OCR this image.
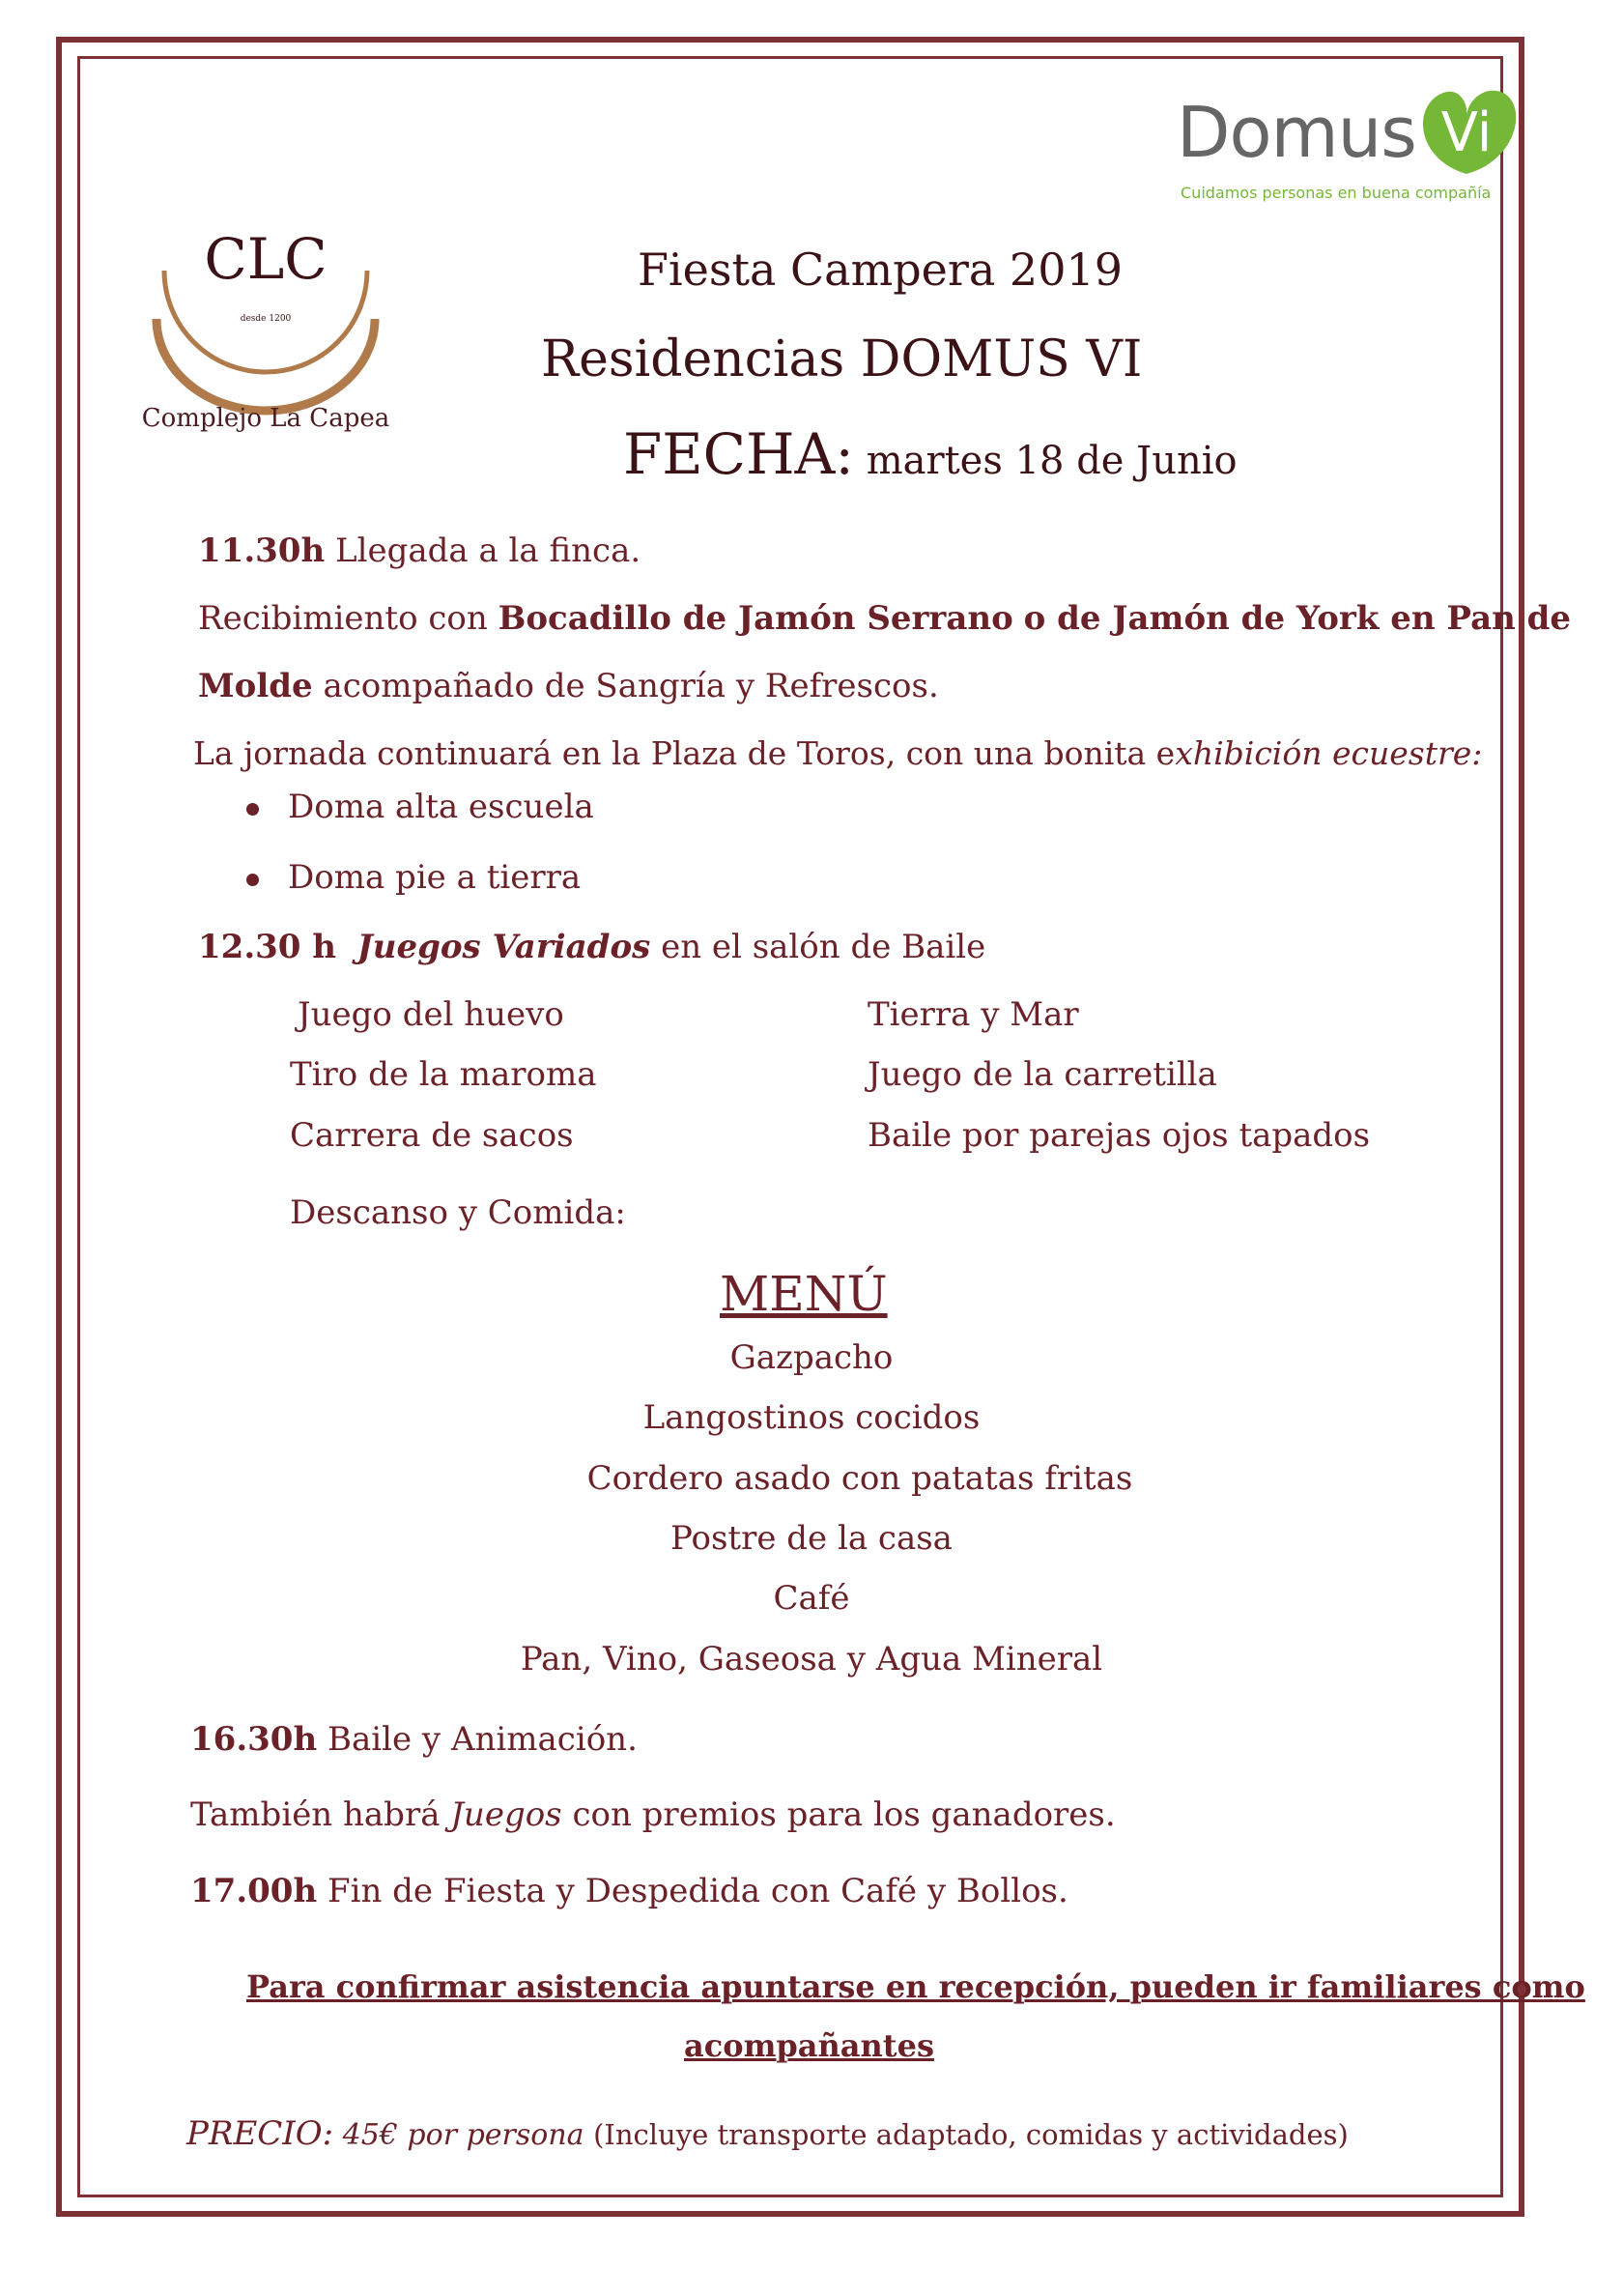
CLC
desde 1200
Complejo La Capea
Domus Vi
Cuidamos personas en buena compañía
Fiesta Campera 2019
Residencias DOMUS VI
FECHA: martes 18 de Junio
11.30h Llegada a la finca.
Recibimiento con Bocadillo de Jamón Serrano o de Jamón de York en Pan de
Molde acompañado de Sangría y Refrescos.
La jornada continuará en la Plaza de Toros, con una bonita exhibición ecuestre:
Doma alta escuela
Doma pie a tierra
12.30 h Juegos Variados en el salón de Baile
Juego del huevo
Tiro de la maroma
Carrera de sacos
Tierra y Mar
Juego de la carretilla
Baile por parejas ojos tapados
Descanso y Comida:
MENÚ
Gazpacho
Langostinos cocidos
Cordero asado con patatas fritas
Postre de la casa
Café
Pan, Vino, Gaseosa y Agua Mineral
16.30h Baile y Animación.
También habrá Juegos con premios para los ganadores.
17.00h Fin de Fiesta y Despedida con Café y Bollos.
Para confirmar asistencia apuntarse en recepción, pueden ir familiares como
acompañantes
PRECIO: 45€ por persona (Incluye transporte adaptado, comidas y actividades)
